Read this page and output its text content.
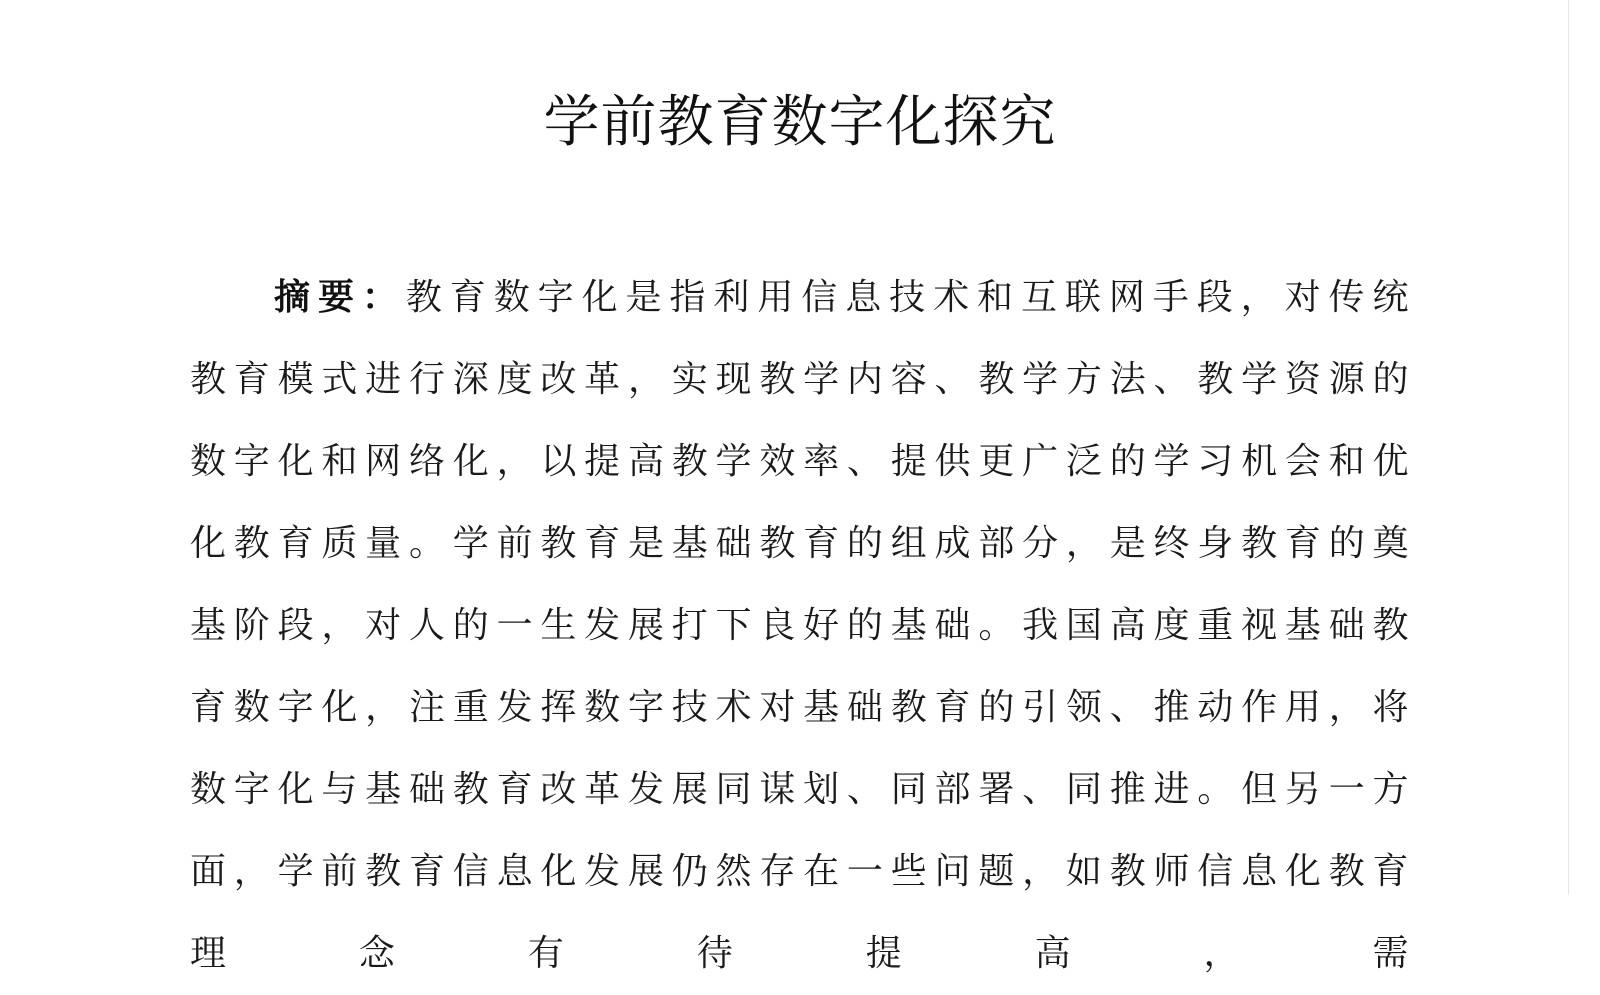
学前教育数字化探究

摘要：教育数字化是指利用信息技术和互联网手段，对传统教育模式进行深度改革，实现教学内容、教学方法、教学资源的数字化和网络化，以提高教学效率、提供更广泛的学习机会和优化教育质量。学前教育是基础教育的组成部分，是终身教育的奠基阶段，对人的一生发展打下良好的基础。我国高度重视基础教育数字化，注重发挥数字技术对基础教育的引领、推动作用，将数字化与基础教育改革发展同谋划、同部署、同推进。但另一方面，学前教育信息化发展仍然存在一些问题，如教师信息化教育理念有待提高，需
